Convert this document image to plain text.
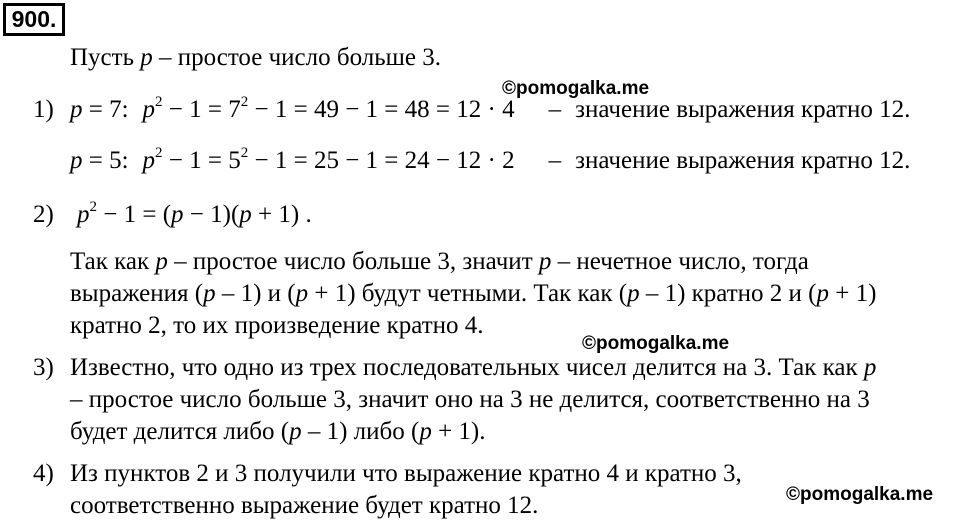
900.
Пусть p – простое число больше 3.
©pomogalka.me
1) p = 7: $p^2 - 1 = 7^2 - 1 = 49 - 1 = 48 = 12 \cdot 4$ – значение выражения кратно 12.
p = 5: $p^2 - 1 = 5^2 - 1 = 25 - 1 = 24 - 12 \cdot 2$ – значение выражения кратно 12.
2) $p^2 - 1 = (p - 1)(p + 1)$ .
Так как p – простое число больше 3, значит p – нечетное число, тогда
выражения (p – 1) и (p + 1) будут четными. Так как (p – 1) кратно 2 и (p + 1)
кратно 2, то их произведение кратно 4.
©pomogalka.me
3) Известно, что одно из трех последовательных чисел делится на 3. Так как p
– простое число больше 3, значит оно на 3 не делится, соответственно на 3
будет делится либо (p – 1) либо (p + 1).
4) Из пунктов 2 и 3 получили что выражение кратно 4 и кратно 3,
соответственно выражение будет кратно 12.	©pomogalka.me
